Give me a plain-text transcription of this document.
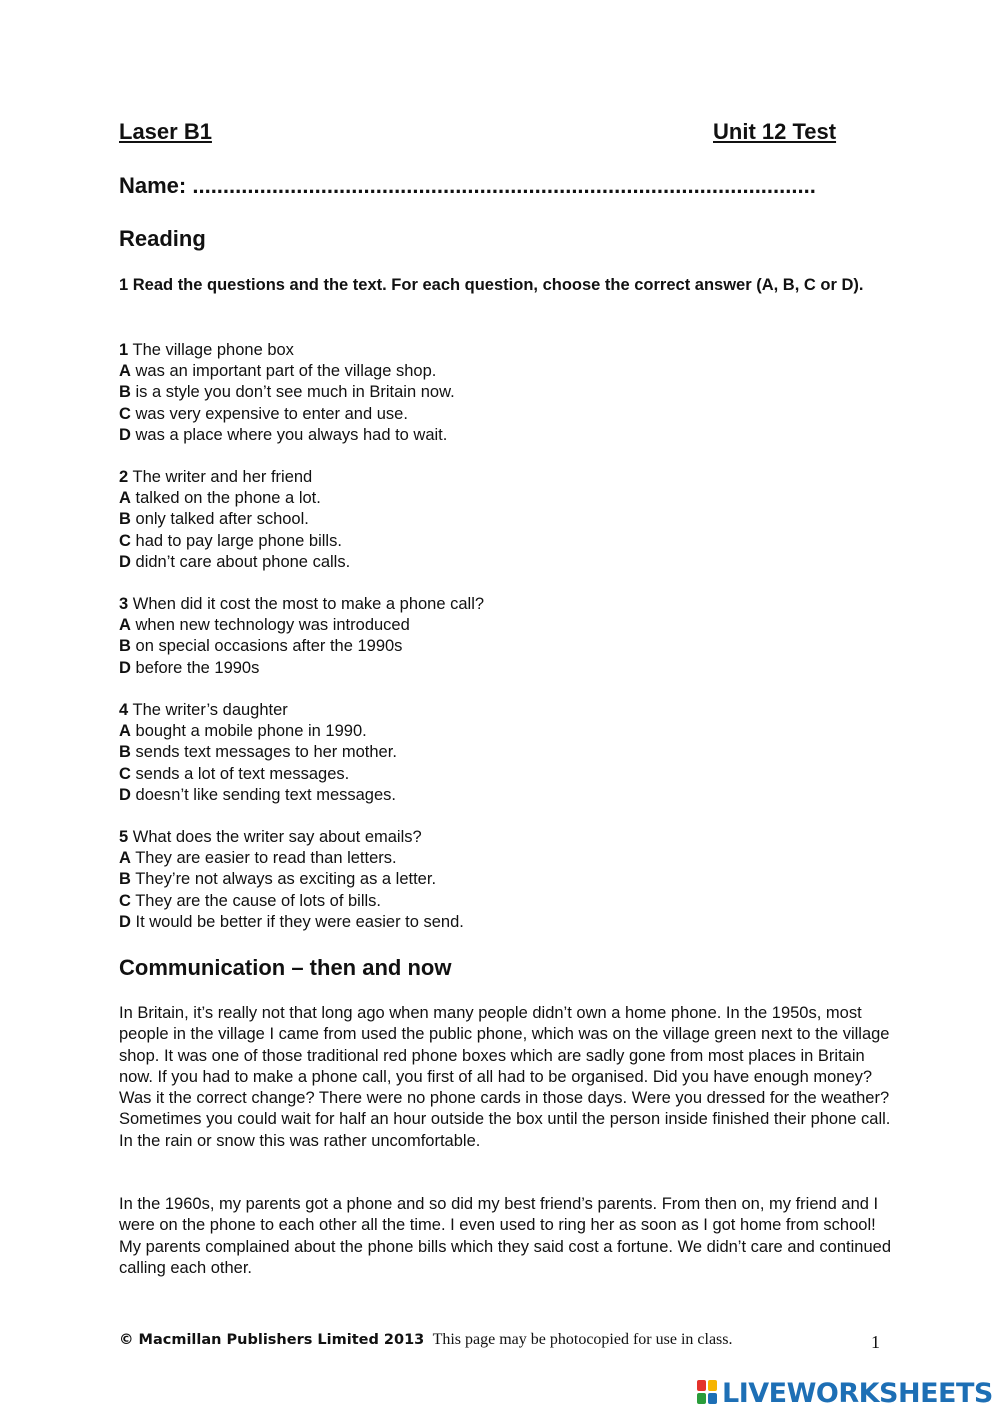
Laser B1	Unit 12 Test
Name: ......................................................................................................
Reading
1 Read the questions and the text. For each question, choose the correct answer (A, B, C or D).
1 The village phone box
A was an important part of the village shop.
B is a style you don’t see much in Britain now.
C was very expensive to enter and use.
D was a place where you always had to wait.
2 The writer and her friend
A talked on the phone a lot.
B only talked after school.
C had to pay large phone bills.
D didn’t care about phone calls.
3 When did it cost the most to make a phone call?
A when new technology was introduced
B on special occasions after the 1990s
D before the 1990s
4 The writer’s daughter
A bought a mobile phone in 1990.
B sends text messages to her mother.
C sends a lot of text messages.
D doesn’t like sending text messages.
5 What does the writer say about emails?
A They are easier to read than letters.
B They’re not always as exciting as a letter.
C They are the cause of lots of bills.
D It would be better if they were easier to send.
Communication – then and now
In Britain, it’s really not that long ago when many people didn’t own a home phone. In the 1950s, most people in the village I came from used the public phone, which was on the village green next to the village shop. It was one of those traditional red phone boxes which are sadly gone from most places in Britain now. If you had to make a phone call, you first of all had to be organised. Did you have enough money? Was it the correct change? There were no phone cards in those days. Were you dressed for the weather? Sometimes you could wait for half an hour outside the box until the person inside finished their phone call. In the rain or snow this was rather uncomfortable.
In the 1960s, my parents got a phone and so did my best friend’s parents. From then on, my friend and I were on the phone to each other all the time. I even used to ring her as soon as I got home from school! My parents complained about the phone bills which they said cost a fortune. We didn’t care and continued calling each other.
© Macmillan Publishers Limited 2013 This page may be photocopied for use in class.	1
LIVEWORKSHEETS
